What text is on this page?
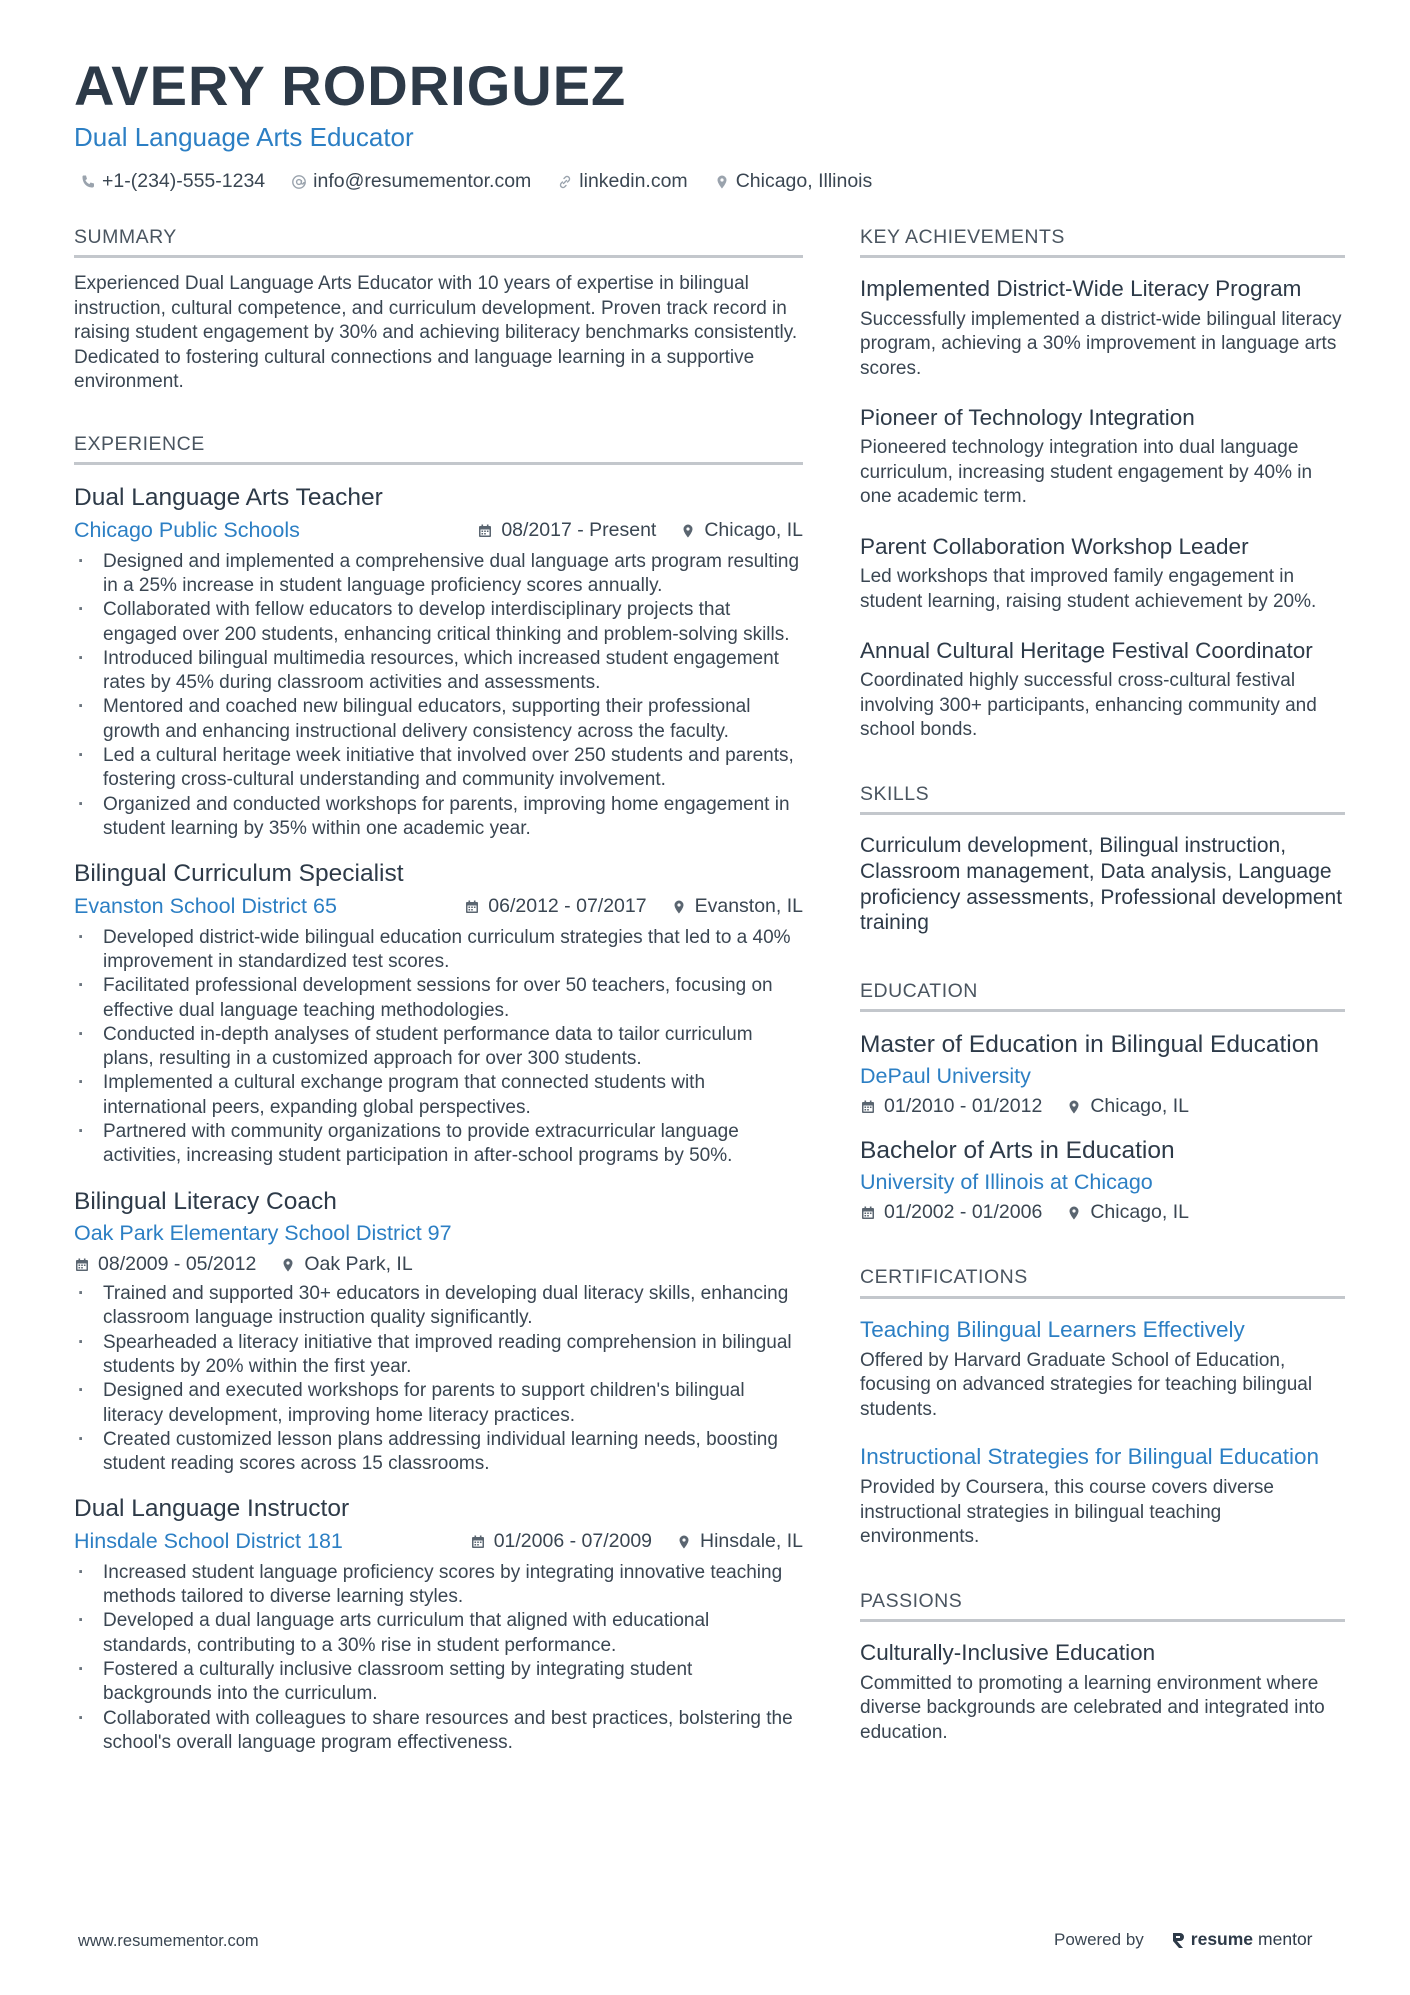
AVERY RODRIGUEZ
Dual Language Arts Educator
+1-(234)-555-1234 info@resumementor.com linkedin.com Chicago, Illinois
SUMMARY

Experienced Dual Language Arts Educator with 10 years of expertise in bilingual instruction, cultural competence, and curriculum development. Proven track record in raising student engagement by 30% and achieving biliteracy benchmarks consistently. Dedicated to fostering cultural connections and language learning in a supportive environment.

EXPERIENCE
Dual Language Arts Teacher
Chicago Public Schools	08/2017 - Present Chicago, IL
· Designed and implemented a comprehensive dual language arts program resulting in a 25% increase in student language proficiency scores annually.
· Collaborated with fellow educators to develop interdisciplinary projects that engaged over 200 students, enhancing critical thinking and problem-solving skills.
· Introduced bilingual multimedia resources, which increased student engagement rates by 45% during classroom activities and assessments.
· Mentored and coached new bilingual educators, supporting their professional growth and enhancing instructional delivery consistency across the faculty.
· Led a cultural heritage week initiative that involved over 250 students and parents, fostering cross-cultural understanding and community involvement.
· Organized and conducted workshops for parents, improving home engagement in student learning by 35% within one academic year.
Bilingual Curriculum Specialist
Evanston School District 65	06/2012 - 07/2017 Evanston, IL
· Developed district-wide bilingual education curriculum strategies that led to a 40% improvement in standardized test scores.
· Facilitated professional development sessions for over 50 teachers, focusing on effective dual language teaching methodologies.
· Conducted in-depth analyses of student performance data to tailor curriculum plans, resulting in a customized approach for over 300 students.
· Implemented a cultural exchange program that connected students with international peers, expanding global perspectives.
· Partnered with community organizations to provide extracurricular language activities, increasing student participation in after-school programs by 50%.
Bilingual Literacy Coach
Oak Park Elementary School District 97
08/2009 - 05/2012 Oak Park, IL
· Trained and supported 30+ educators in developing dual literacy skills, enhancing classroom language instruction quality significantly.
· Spearheaded a literacy initiative that improved reading comprehension in bilingual students by 20% within the first year.
· Designed and executed workshops for parents to support children's bilingual literacy development, improving home literacy practices.
· Created customized lesson plans addressing individual learning needs, boosting student reading scores across 15 classrooms.
Dual Language Instructor
Hinsdale School District 181	01/2006 - 07/2009 Hinsdale, IL
· Increased student language proficiency scores by integrating innovative teaching methods tailored to diverse learning styles.
· Developed a dual language arts curriculum that aligned with educational standards, contributing to a 30% rise in student performance.
· Fostered a culturally inclusive classroom setting by integrating student backgrounds into the curriculum.
· Collaborated with colleagues to share resources and best practices, bolstering the school's overall language program effectiveness.
KEY ACHIEVEMENTS
Implemented District-Wide Literacy Program
Successfully implemented a district-wide bilingual literacy program, achieving a 30% improvement in language arts scores.
Pioneer of Technology Integration
Pioneered technology integration into dual language curriculum, increasing student engagement by 40% in one academic term.
Parent Collaboration Workshop Leader
Led workshops that improved family engagement in student learning, raising student achievement by 20%.
Annual Cultural Heritage Festival Coordinator
Coordinated highly successful cross-cultural festival involving 300+ participants, enhancing community and school bonds.
SKILLS
Curriculum development, Bilingual instruction, Classroom management, Data analysis, Language proficiency assessments, Professional development training
EDUCATION
Master of Education in Bilingual Education
DePaul University
01/2010 - 01/2012 Chicago, IL
Bachelor of Arts in Education
University of Illinois at Chicago
01/2002 - 01/2006 Chicago, IL
CERTIFICATIONS
Teaching Bilingual Learners Effectively
Offered by Harvard Graduate School of Education, focusing on advanced strategies for teaching bilingual students.
Instructional Strategies for Bilingual Education
Provided by Coursera, this course covers diverse instructional strategies in bilingual teaching environments.
PASSIONS
Culturally-Inclusive Education
Committed to promoting a learning environment where diverse backgrounds are celebrated and integrated into education.
www.resumementor.com	Powered by	resume mentor
